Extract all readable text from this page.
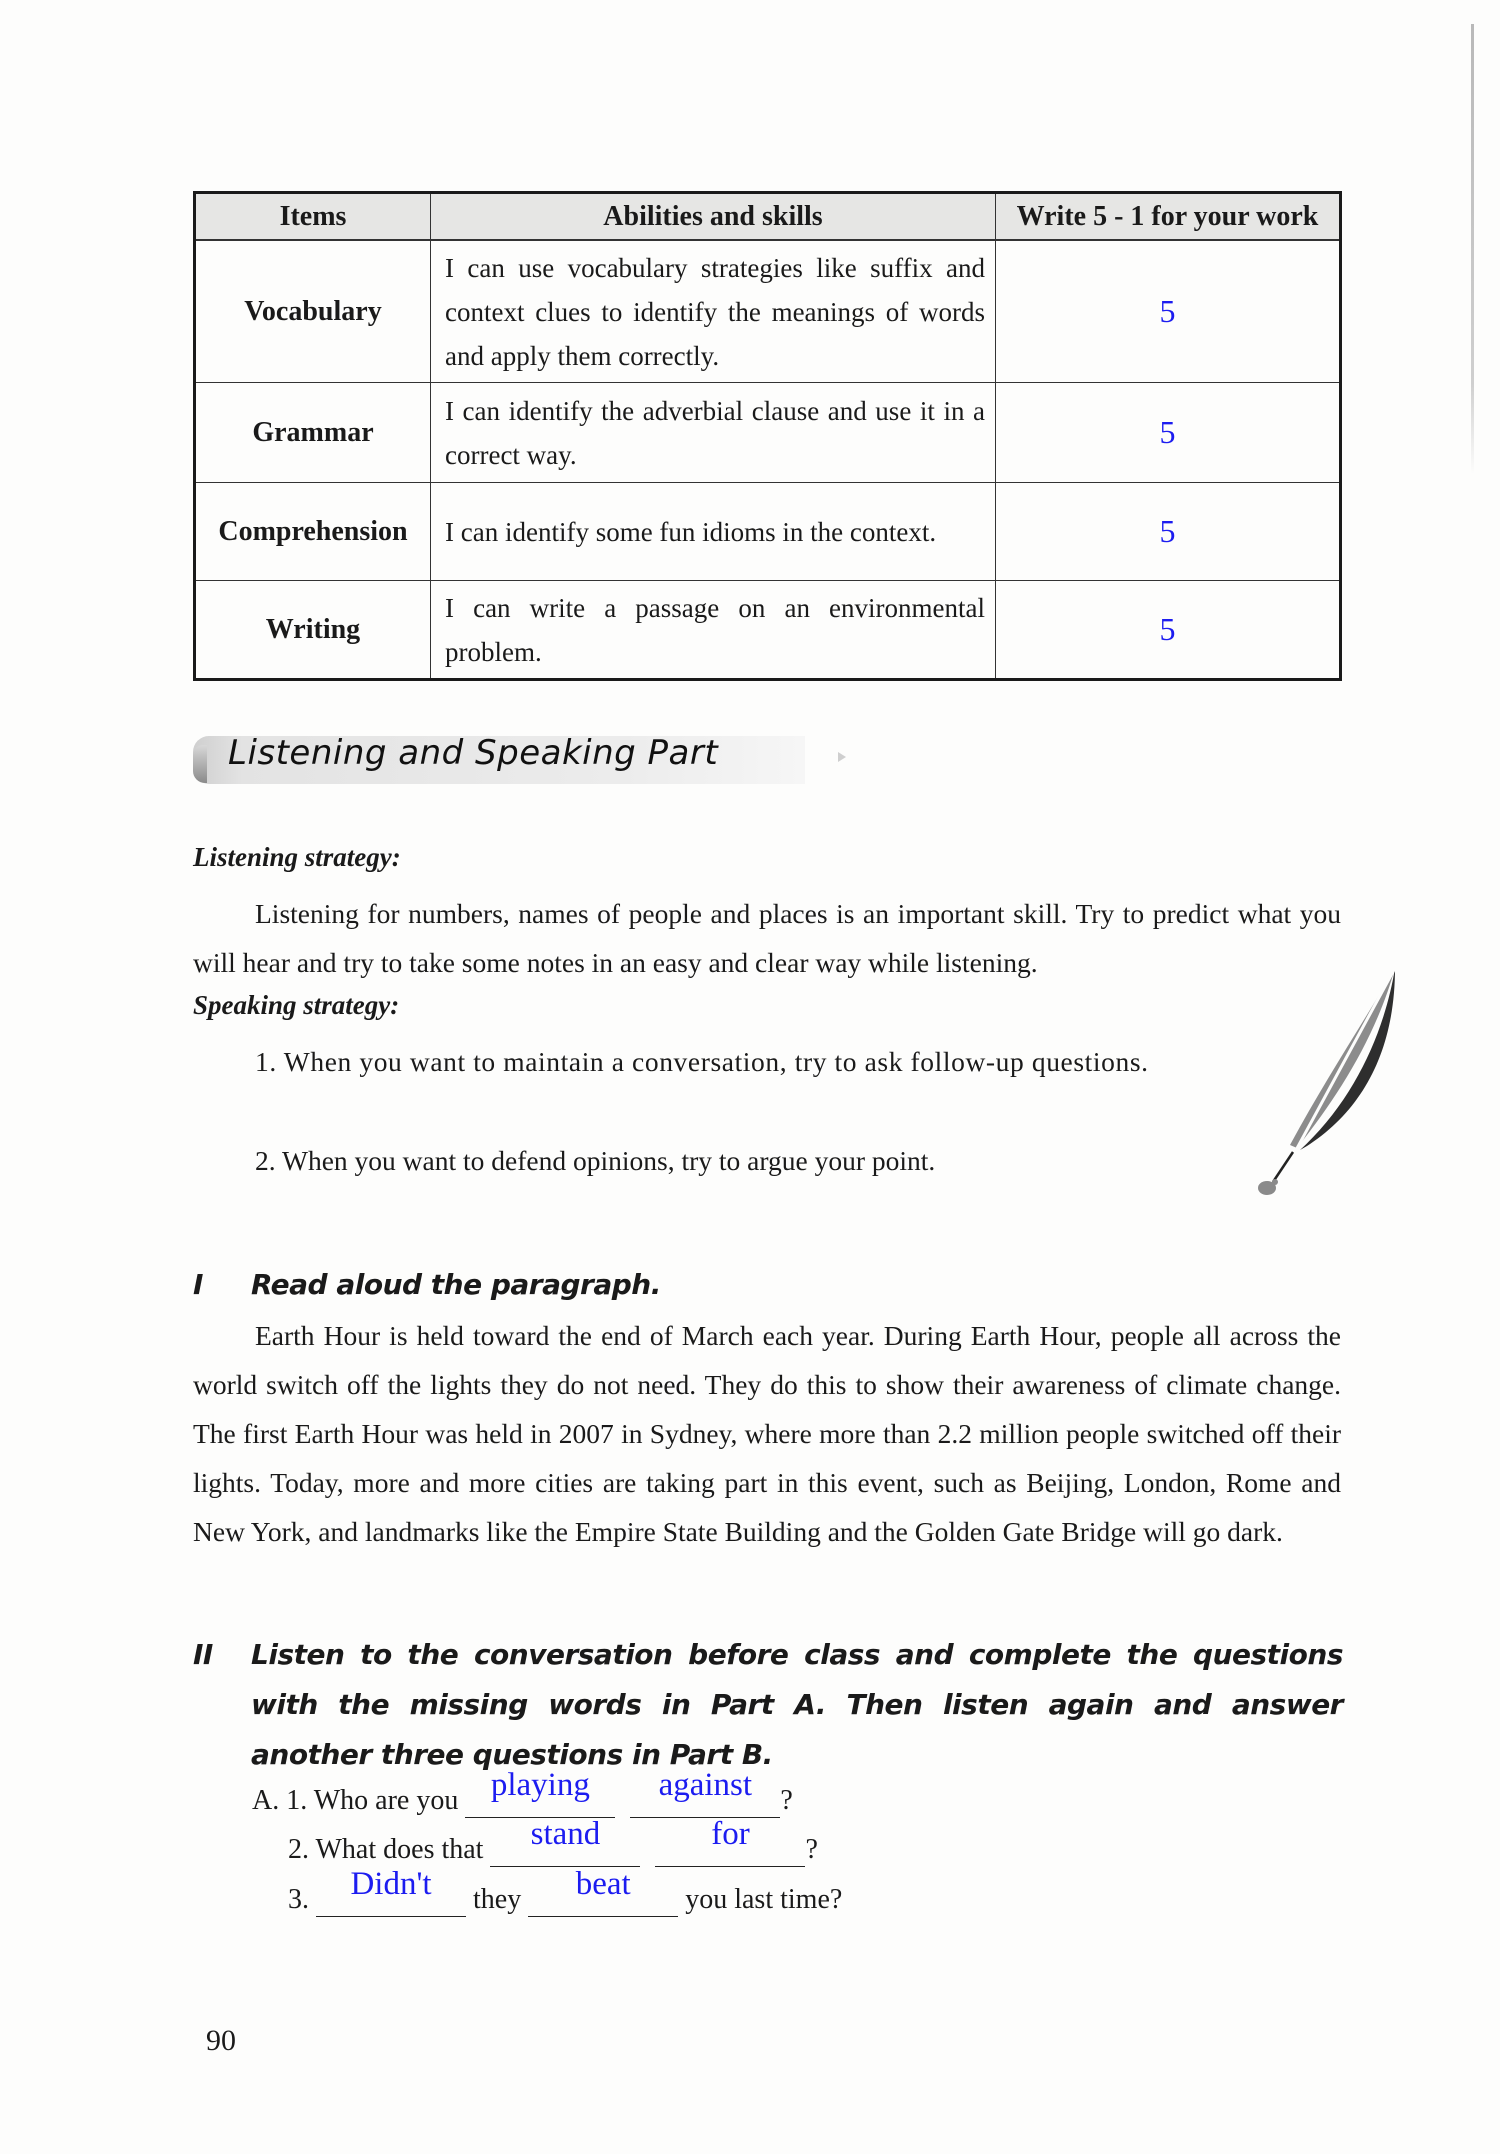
Items	Abilities and skills	Write 5 - 1 for your work
Vocabulary	I can use vocabulary strategies like suffix and context clues to identify the meanings of words and apply them correctly.	5
Grammar	I can identify the adverbial clause and use it in a correct way.	5
Comprehension	I can identify some fun idioms in the context.	5
Writing	I can write a passage on an environmental problem.	5
Listening and Speaking Part
Listening strategy:
Listening for numbers, names of people and places is an important skill. Try to predict what you will hear and try to take some notes in an easy and clear way while listening.
Speaking strategy:
1. When you want to maintain a conversation, try to ask follow-up questions.
2. When you want to defend opinions, try to argue your point.
I Read aloud the paragraph.
Earth Hour is held toward the end of March each year. During Earth Hour, people all across the world switch off the lights they do not need. They do this to show their awareness of climate change. The first Earth Hour was held in 2007 in Sydney, where more than 2.2 million people switched off their lights. Today, more and more cities are taking part in this event, such as Beijing, London, Rome and New York, and landmarks like the Empire State Building and the Golden Gate Bridge will go dark.
II Listen to the conversation before class and complete the questions with the missing words in Part A. Then listen again and answer another three questions in Part B.
A. 1. Who are you playing against ?
2. What does that stand	for ?
3. Didn't they beat you last time?
90
